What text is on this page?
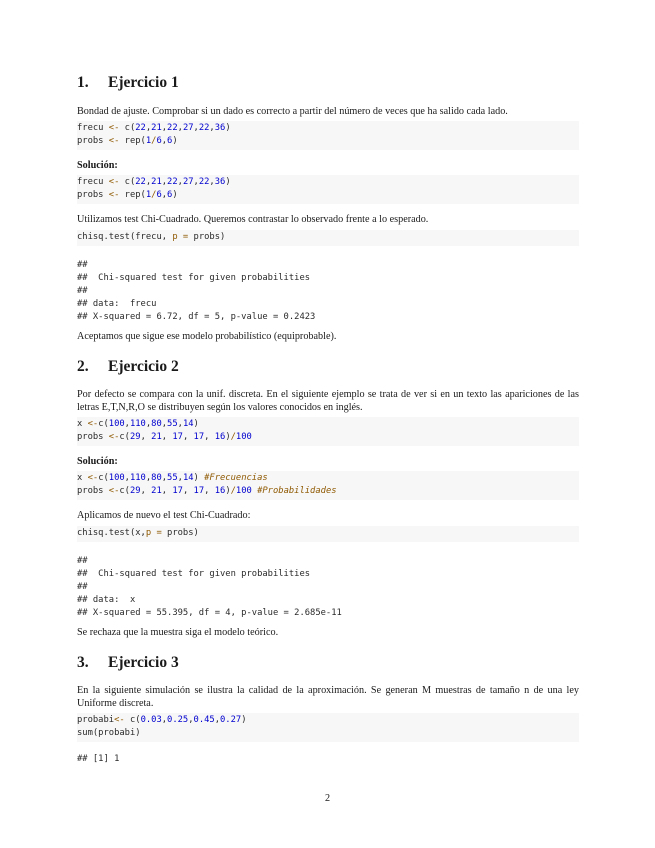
1.	Ejercicio 1

Bondad de ajuste. Comprobar si un dado es correcto a partir del número de veces que ha salido cada lado.

frecu <- c(22,21,22,27,22,36)
probs <- rep(1/6,6)

Solución:

frecu <- c(22,21,22,27,22,36)
probs <- rep(1/6,6)

Utilizamos test Chi-Cuadrado. Queremos contrastar lo observado frente a lo esperado.

chisq.test(frecu, p = probs)
##
##  Chi-squared test for given probabilities
##
## data:  frecu
## X-squared = 6.72, df = 5, p-value = 0.2423

Aceptamos que sigue ese modelo probabilístico (equiprobable).

2.	Ejercicio 2

Por defecto se compara con la unif. discreta. En el siguiente ejemplo se trata de ver si en un texto las apariciones de las letras E,T,N,R,O se distribuyen según los valores conocidos en inglés.

x <-c(100,110,80,55,14)
probs <-c(29, 21, 17, 17, 16)/100

Solución:

x <-c(100,110,80,55,14) #Frecuencias
probs <-c(29, 21, 17, 17, 16)/100 #Probabilidades

Aplicamos de nuevo el test Chi-Cuadrado:

chisq.test(x,p = probs)
##
##  Chi-squared test for given probabilities
##
## data:  x
## X-squared = 55.395, df = 4, p-value = 2.685e-11

Se rechaza que la muestra siga el modelo teórico.

3.	Ejercicio 3

En la siguiente simulación se ilustra la calidad de la aproximación. Se generan M muestras de tamaño n de una ley Uniforme discreta.

probabi<- c(0.03,0.25,0.45,0.27)
sum(probabi)
## [1] 1
2
